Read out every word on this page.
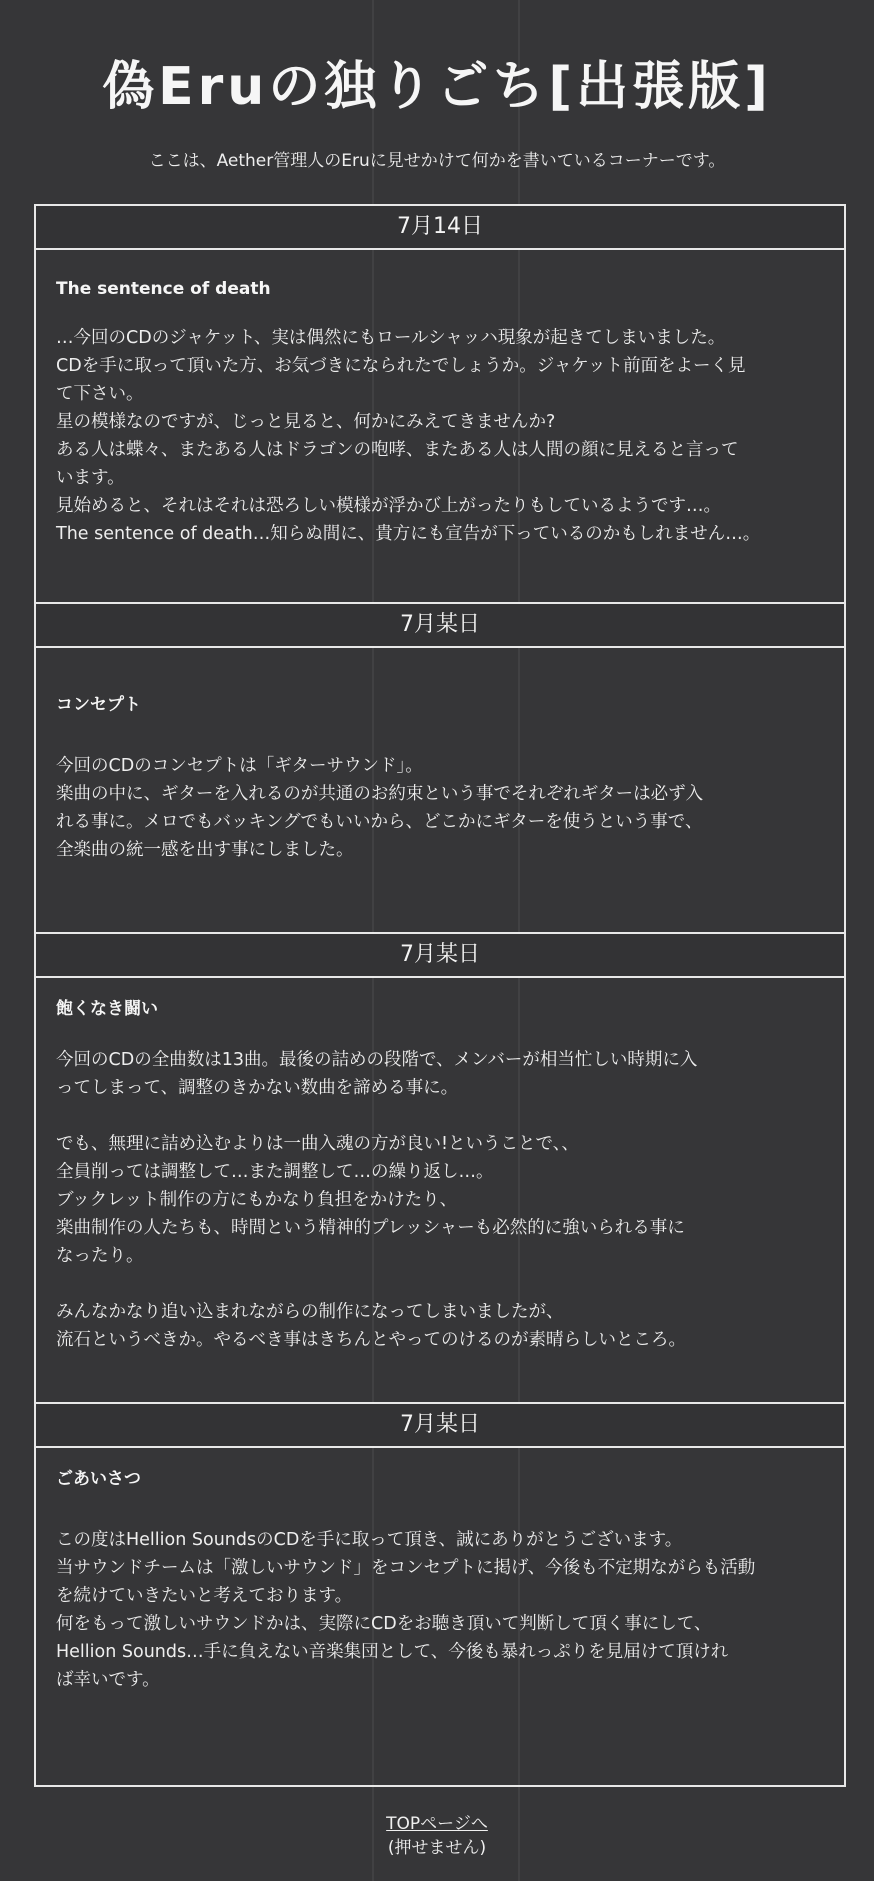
偽Eruの独りごち[出張版]
ここは、Aether管理人のEruに見せかけて何かを書いているコーナーです。
7月14日

The sentence of death

…今回のCDのジャケット、実は偶然にもロールシャッハ現象が起きてしまいました。

CDを手に取って頂いた方、お気づきになられたでしょうか。ジャケット前面をよーく見

て下さい。

星の模様なのですが、じっと見ると、何かにみえてきませんか?

ある人は蝶々、またある人はドラゴンの咆哮、またある人は人間の顔に見えると言って

います。

見始めると、それはそれは恐ろしい模様が浮かび上がったりもしているようです…。

The sentence of death…知らぬ間に、貴方にも宣告が下っているのかもしれません…。

7月某日

コンセプト

今回のCDのコンセプトは「ギターサウンド」。

楽曲の中に、ギターを入れるのが共通のお約束という事でそれぞれギターは必ず入

れる事に。メロでもバッキングでもいいから、どこかにギターを使うという事で、

全楽曲の統一感を出す事にしました。

7月某日

飽くなき闘い

今回のCDの全曲数は13曲。最後の詰めの段階で、メンバーが相当忙しい時期に入

ってしまって、調整のきかない数曲を諦める事に。

でも、無理に詰め込むよりは一曲入魂の方が良い!ということで、、

全員削っては調整して…また調整して…の繰り返し…。

ブックレット制作の方にもかなり負担をかけたり、

楽曲制作の人たちも、時間という精神的プレッシャーも必然的に強いられる事に

なったり。

みんなかなり追い込まれながらの制作になってしまいましたが、

流石というべきか。やるべき事はきちんとやってのけるのが素晴らしいところ。

7月某日

ごあいさつ

この度はHellion SoundsのCDを手に取って頂き、誠にありがとうございます。

当サウンドチームは「激しいサウンド」をコンセプトに掲げ、今後も不定期ながらも活動

を続けていきたいと考えております。

何をもって激しいサウンドかは、実際にCDをお聴き頂いて判断して頂く事にして、

Hellion Sounds…手に負えない音楽集団として、今後も暴れっぷりを見届けて頂けれ

ば幸いです。

TOPページへ
(押せません)
